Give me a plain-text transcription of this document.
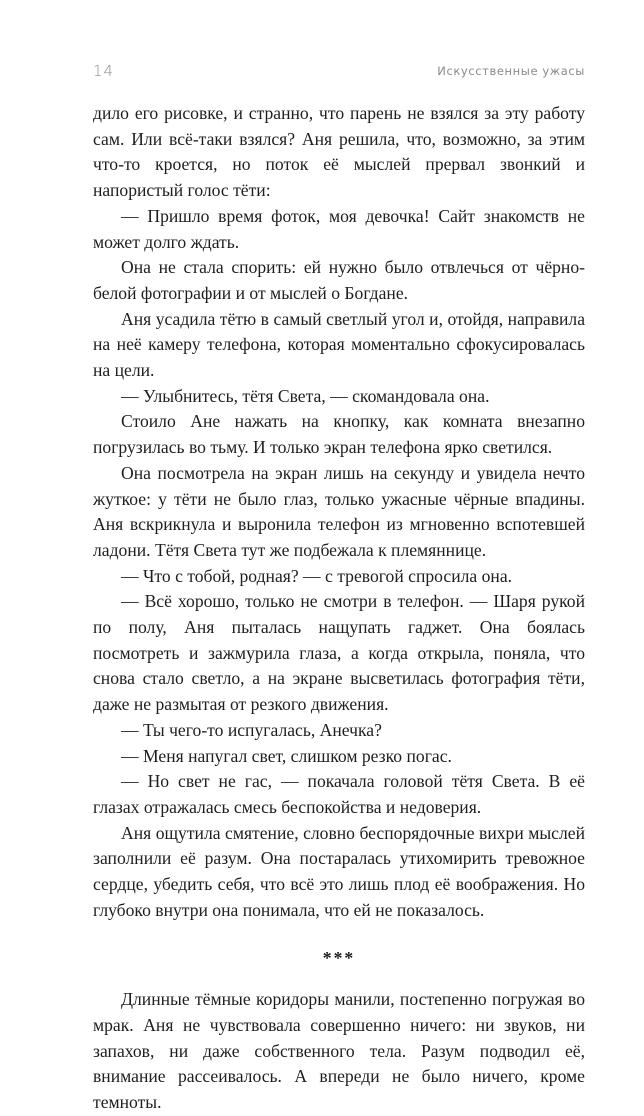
14	Искусственные ужасы

дило его рисовке, и странно, что парень не взялся за эту работу сам. Или всё-таки взялся? Аня решила, что, возможно, за этим что-то кроется, но поток её мыслей прервал звонкий и напористый голос тёти:

— Пришло время фоток, моя девочка! Сайт знакомств не может долго ждать.

Она не стала спорить: ей нужно было отвлечься от чёрно-белой фотографии и от мыслей о Богдане.

Аня усадила тётю в самый светлый угол и, отойдя, направила на неё камеру телефона, которая моментально сфокусировалась на цели.

— Улыбнитесь, тётя Света, — скомандовала она.

Стоило Ане нажать на кнопку, как комната внезапно погрузилась во тьму. И только экран телефона ярко светился.

Она посмотрела на экран лишь на секунду и увидела нечто жуткое: у тёти не было глаз, только ужасные чёрные впадины. Аня вскрикнула и выронила телефон из мгновенно вспотевшей ладони. Тётя Света тут же подбежала к племяннице.

— Что с тобой, родная? — с тревогой спросила она.

— Всё хорошо, только не смотри в телефон. — Шаря рукой по полу, Аня пыталась нащупать гаджет. Она боялась посмотреть и зажмурила глаза, а когда открыла, поняла, что снова стало светло, а на экране высветилась фотография тёти, даже не размытая от резкого движения.

— Ты чего-то испугалась, Анечка?

— Меня напугал свет, слишком резко погас.

— Но свет не гас, — покачала головой тётя Света. В её глазах отражалась смесь беспокойства и недоверия.

Аня ощутила смятение, словно беспорядочные вихри мыслей заполнили её разум. Она постаралась утихомирить тревожное сердце, убедить себя, что всё это лишь плод её воображения. Но глубоко внутри она понимала, что ей не показалось.

***

Длинные тёмные коридоры манили, постепенно погружая во мрак. Аня не чувствовала совершенно ничего: ни звуков, ни запахов, ни даже собственного тела. Разум подводил её, внимание рассеивалось. А впереди не было ничего, кроме темноты.
